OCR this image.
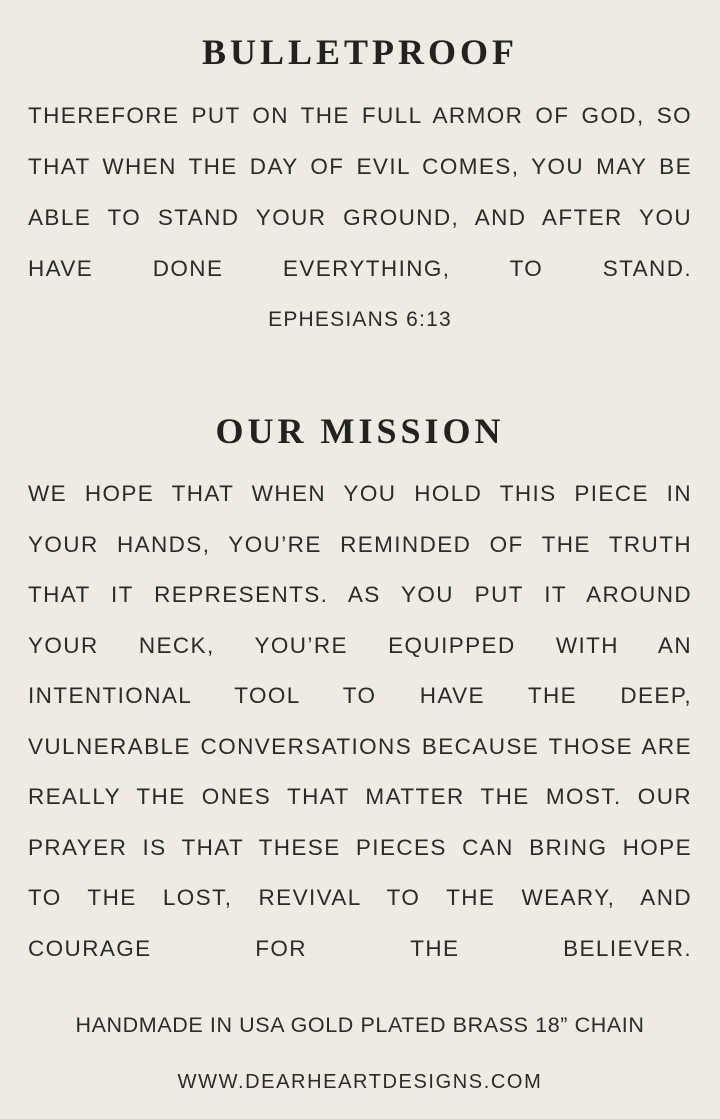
BULLETPROOF

THEREFORE PUT ON THE FULL ARMOR OF GOD, SO THAT WHEN THE DAY OF EVIL COMES, YOU MAY BE ABLE TO STAND YOUR GROUND, AND AFTER YOU HAVE DONE EVERYTHING, TO STAND.

EPHESIANS 6:13

OUR MISSION

WE HOPE THAT WHEN YOU HOLD THIS PIECE IN YOUR HANDS, YOU’RE REMINDED OF THE TRUTH THAT IT REPRESENTS. AS YOU PUT IT AROUND YOUR NECK, YOU’RE EQUIPPED WITH AN INTENTIONAL TOOL TO HAVE THE DEEP, VULNERABLE CONVERSATIONS BECAUSE THOSE ARE REALLY THE ONES THAT MATTER THE MOST. OUR PRAYER IS THAT THESE PIECES CAN BRING HOPE TO THE LOST, REVIVAL TO THE WEARY, AND COURAGE FOR THE BELIEVER.

HANDMADE IN USA GOLD PLATED BRASS 18” CHAIN

WWW.DEARHEARTDESIGNS.COM
